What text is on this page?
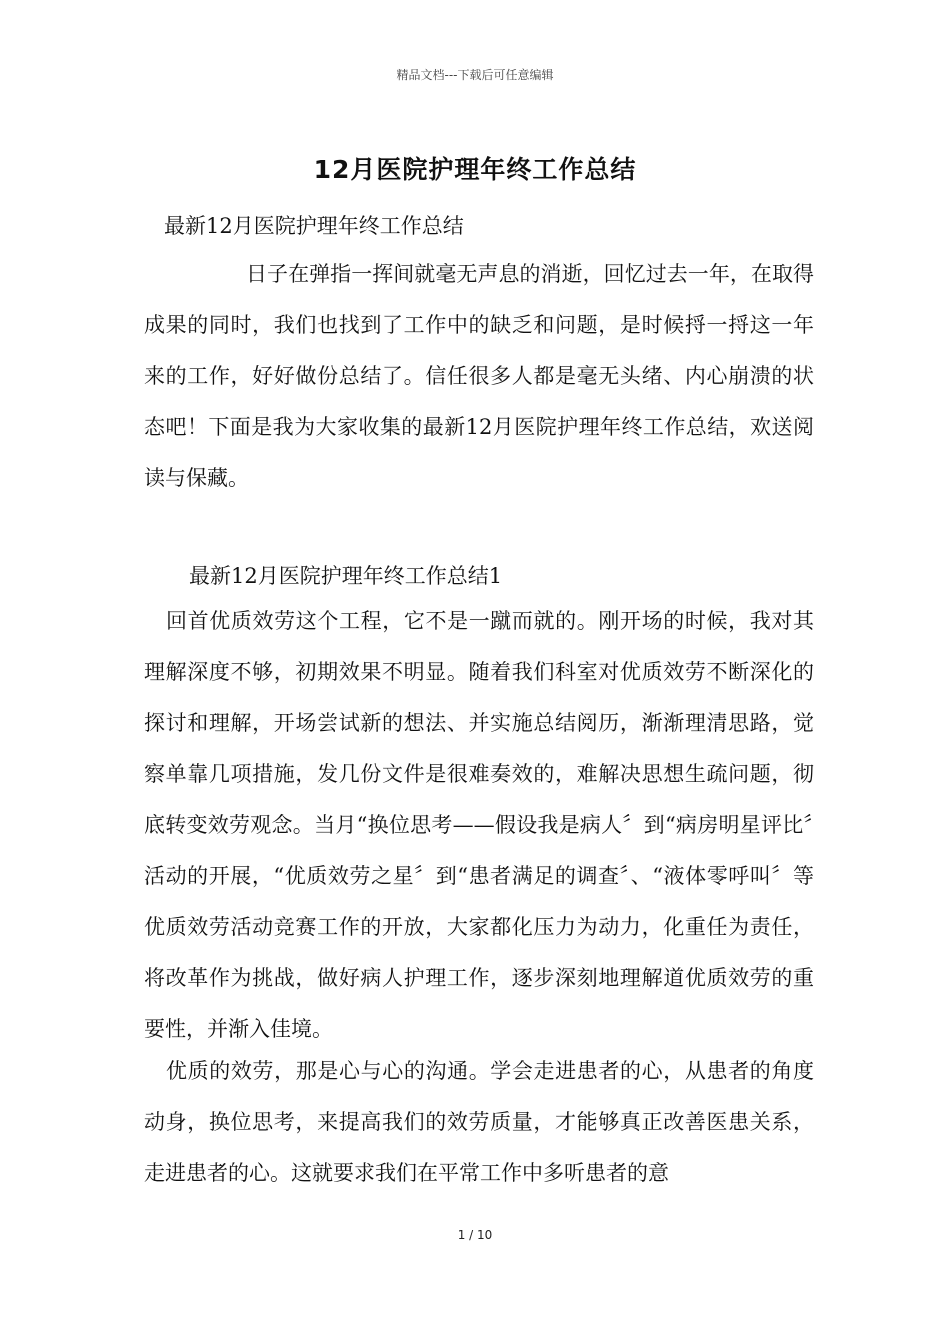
精品文档---下载后可任意编辑
12月医院护理年终工作总结
最新12月医院护理年终工作总结

日子在弹指一挥间就毫无声息的消逝，回忆过去一年，在取得成果的同时，我们也找到了工作中的缺乏和问题，是时候捋一捋这一年来的工作，好好做份总结了。信任很多人都是毫无头绪、内心崩溃的状态吧！下面是我为大家收集的最新12月医院护理年终工作总结，欢送阅读与保藏。

最新12月医院护理年终工作总结1

回首优质效劳这个工程，它不是一蹴而就的。刚开场的时候，我对其理解深度不够，初期效果不明显。随着我们科室对优质效劳不断深化的探讨和理解，开场尝试新的想法、并实施总结阅历，渐渐理清思路，觉察单靠几项措施，发几份文件是很难奏效的，难解决思想生疏问题，彻底转变效劳观念。当月“换位思考——假设我是病人〞到“病房明星评比〞活动的开展，“优质效劳之星〞到“患者满足的调查〞、“液体零呼叫〞等优质效劳活动竞赛工作的开放，大家都化压力为动力，化重任为责任，将改革作为挑战，做好病人护理工作，逐步深刻地理解道优质效劳的重要性，并渐入佳境。

优质的效劳，那是心与心的沟通。学会走进患者的心，从患者的角度动身，换位思考，来提高我们的效劳质量，才能够真正改善医患关系，走进患者的心。这就要求我们在平常工作中多听患者的意

1 / 10
